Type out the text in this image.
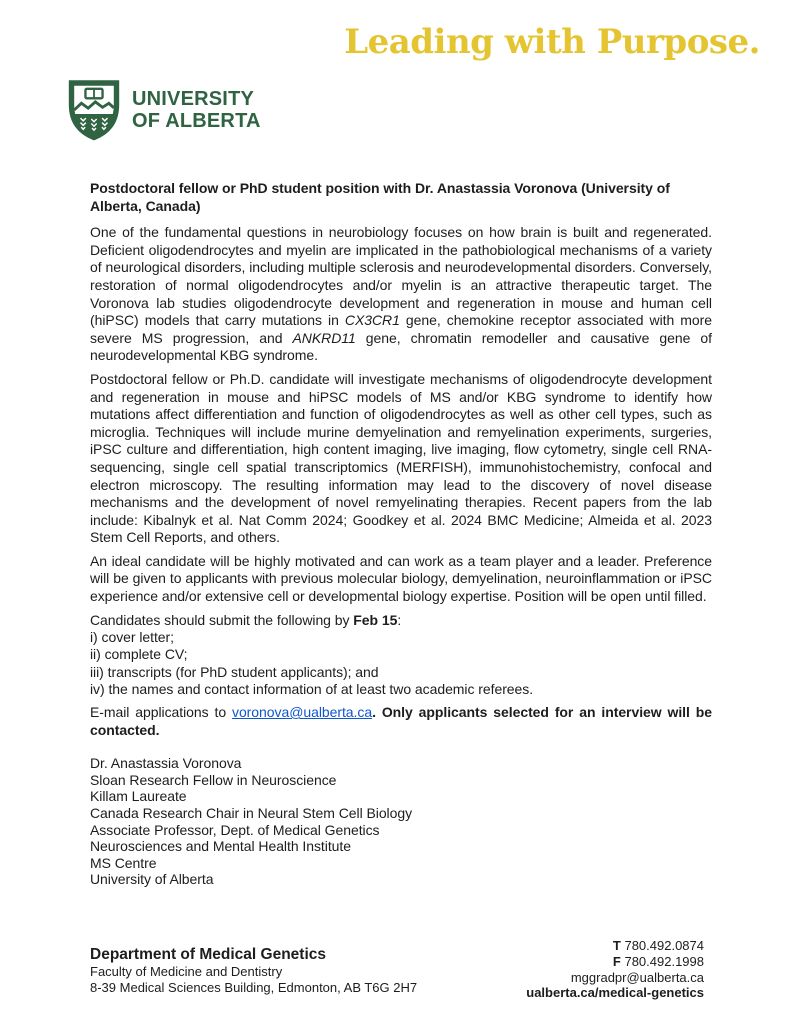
Leading with Purpose.
UNIVERSITY
OF ALBERTA
Postdoctoral fellow or PhD student position with Dr. Anastassia Voronova (University of Alberta, Canada)

One of the fundamental questions in neurobiology focuses on how brain is built and regenerated. Deficient oligodendrocytes and myelin are implicated in the pathobiological mechanisms of a variety of neurological disorders, including multiple sclerosis and neurodevelopmental disorders. Conversely, restoration of normal oligodendrocytes and/or myelin is an attractive therapeutic target. The Voronova lab studies oligodendrocyte development and regeneration in mouse and human cell (hiPSC) models that carry mutations in CX3CR1 gene, chemokine receptor associated with more severe MS progression, and ANKRD11 gene, chromatin remodeller and causative gene of neurodevelopmental KBG syndrome.

Postdoctoral fellow or Ph.D. candidate will investigate mechanisms of oligodendrocyte development and regeneration in mouse and hiPSC models of MS and/or KBG syndrome to identify how mutations affect differentiation and function of oligodendrocytes as well as other cell types, such as microglia. Techniques will include murine demyelination and remyelination experiments, surgeries, iPSC culture and differentiation, high content imaging, live imaging, flow cytometry, single cell RNA-sequencing, single cell spatial transcriptomics (MERFISH), immunohistochemistry, confocal and electron microscopy. The resulting information may lead to the discovery of novel disease mechanisms and the development of novel remyelinating therapies. Recent papers from the lab include: Kibalnyk et al. Nat Comm 2024; Goodkey et al. 2024 BMC Medicine; Almeida et al. 2023 Stem Cell Reports, and others.

An ideal candidate will be highly motivated and can work as a team player and a leader. Preference will be given to applicants with previous molecular biology, demyelination, neuroinflammation or iPSC experience and/or extensive cell or developmental biology expertise. Position will be open until filled.

Candidates should submit the following by Feb 15:
i) cover letter;
ii) complete CV;
iii) transcripts (for PhD student applicants); and
iv) the names and contact information of at least two academic referees.

E-mail applications to voronova@ualberta.ca. Only applicants selected for an interview will be contacted.

Dr. Anastassia Voronova
Sloan Research Fellow in Neuroscience
Killam Laureate
Canada Research Chair in Neural Stem Cell Biology
Associate Professor, Dept. of Medical Genetics
Neurosciences and Mental Health Institute
MS Centre
University of Alberta
Department of Medical Genetics
Faculty of Medicine and Dentistry
8-39 Medical Sciences Building, Edmonton, AB T6G 2H7
T 780.492.0874
F 780.492.1998
mggradpr@ualberta.ca
ualberta.ca/medical-genetics
